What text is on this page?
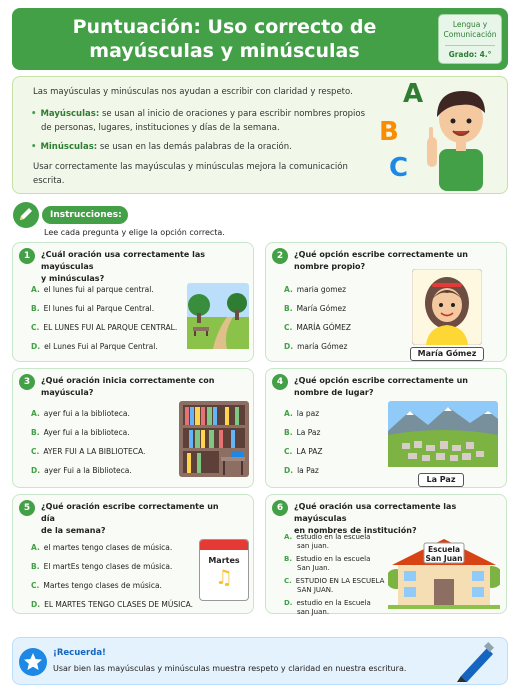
Puntuación: Uso correcto de
mayúsculas y minúsculas
Lengua y
Comunicación
Grado: 4.°
Las mayúsculas y minúsculas nos ayudan a escribir con claridad y respeto.
• Mayúsculas: se usan al inicio de oraciones y para escribir nombres propios
de personas, lugares, instituciones y días de la semana.
• Minúsculas: se usan en las demás palabras de la oración.
Usar correctamente las mayúsculas y minúsculas mejora la comunicación
escrita.
A
B
C
Instrucciones:
Lee cada pregunta y elige la opción correcta.
1	¿Cuál oración usa correctamente las mayúsculas
y minúsculas?
A. el lunes fui al parque central.
B. El lunes fui al Parque Central.
C. EL LUNES FUI AL PARQUE CENTRAL.
D. el Lunes Fui al Parque Central.
2	¿Qué opción escribe correctamente un
nombre propio?
A. maria gomez
B. María Gómez
C. MARÍA GÓMEZ
D. maría Gómez
María Gómez
3	¿Qué oración inicia correctamente con
mayúscula?
A. ayer fui a la biblioteca.
B. Ayer fui a la biblioteca.
C. AYER FUI A LA BIBLIOTECA.
D. ayer Fui a la Biblioteca.
4	¿Qué opción escribe correctamente un
nombre de lugar?
A. la paz
B. La Paz
C. LA PAZ
D. la Paz
La Paz
5	¿Qué oración escribe correctamente un día
de la semana?
A. el martes tengo clases de música.
B. El martEs tengo clases de música.
C. Martes tengo clases de música.
D. EL MARTES TENGO CLASES DE MÚSICA.
Martes
♫
6	¿Qué oración usa correctamente las mayúsculas
en nombres de institución?
A. estudio en la escuela
san juan.
B. Estudio en la escuela
San Juan.
C. ESTUDIO EN LA ESCUELA
SAN JUAN.
D. estudio en la Escuela
san Juan.
Escuela
San Juan
¡Recuerda!
Usar bien las mayúsculas y minúsculas muestra respeto y claridad en nuestra escritura.
